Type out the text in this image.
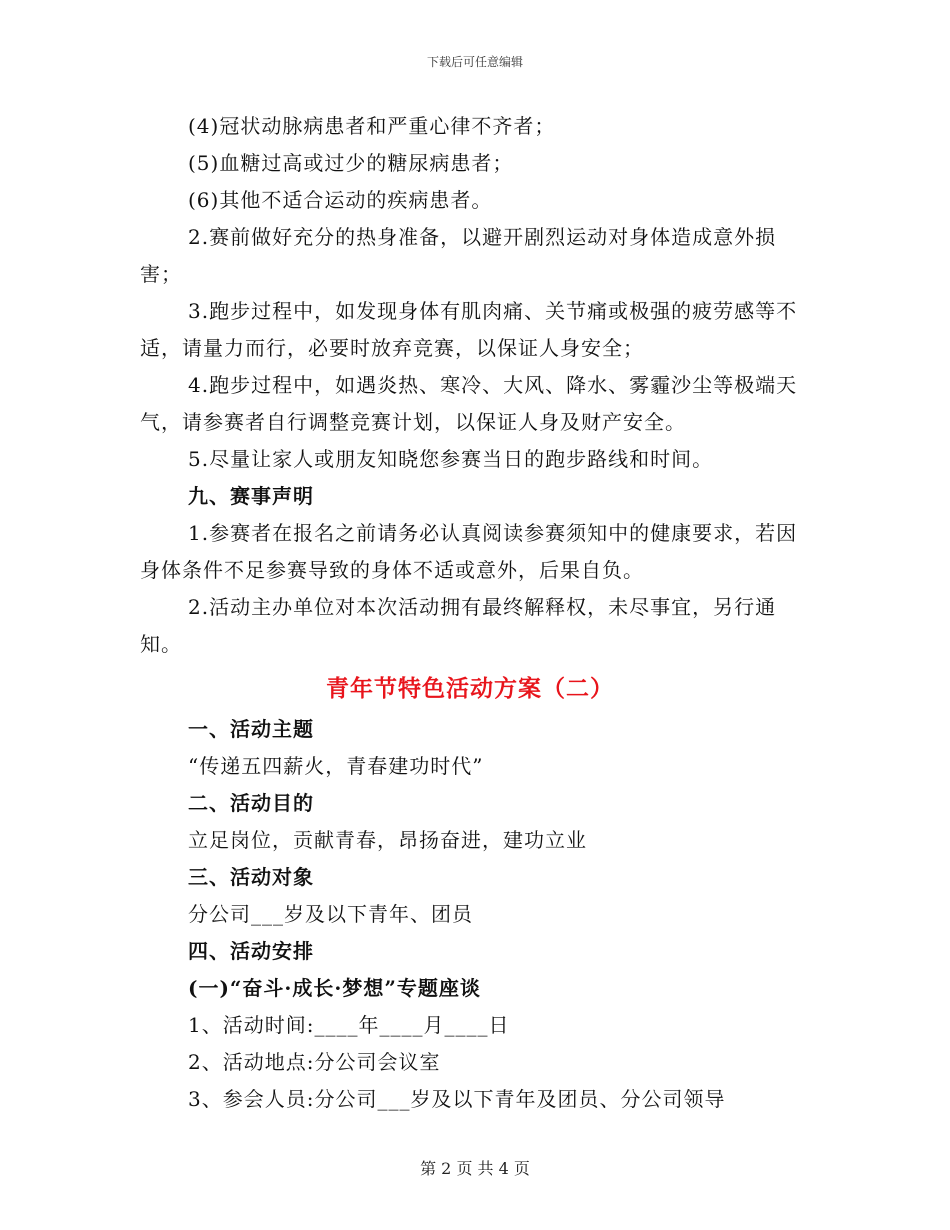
下载后可任意编辑

(4)冠状动脉病患者和严重心律不齐者；

(5)血糖过高或过少的糖尿病患者；

(6)其他不适合运动的疾病患者。

2.赛前做好充分的热身准备，以避开剧烈运动对身体造成意外损害；

3.跑步过程中，如发现身体有肌肉痛、关节痛或极强的疲劳感等不适，请量力而行，必要时放弃竞赛，以保证人身安全；

4.跑步过程中，如遇炎热、寒冷、大风、降水、雾霾沙尘等极端天气，请参赛者自行调整竞赛计划，以保证人身及财产安全。

5.尽量让家人或朋友知晓您参赛当日的跑步路线和时间。

九、赛事声明

1.参赛者在报名之前请务必认真阅读参赛须知中的健康要求，若因身体条件不足参赛导致的身体不适或意外，后果自负。

2.活动主办单位对本次活动拥有最终解释权，未尽事宜，另行通知。

青年节特色活动方案（二）

一、活动主题

“传递五四薪火，青春建功时代”

二、活动目的

立足岗位，贡献青春，昂扬奋进，建功立业

三、活动对象

分公司___岁及以下青年、团员

四、活动安排

(一)“奋斗·成长·梦想”专题座谈

1、活动时间:____年____月____日

2、活动地点:分公司会议室

3、参会人员:分公司___岁及以下青年及团员、分公司领导

第 2 页 共 4 页
